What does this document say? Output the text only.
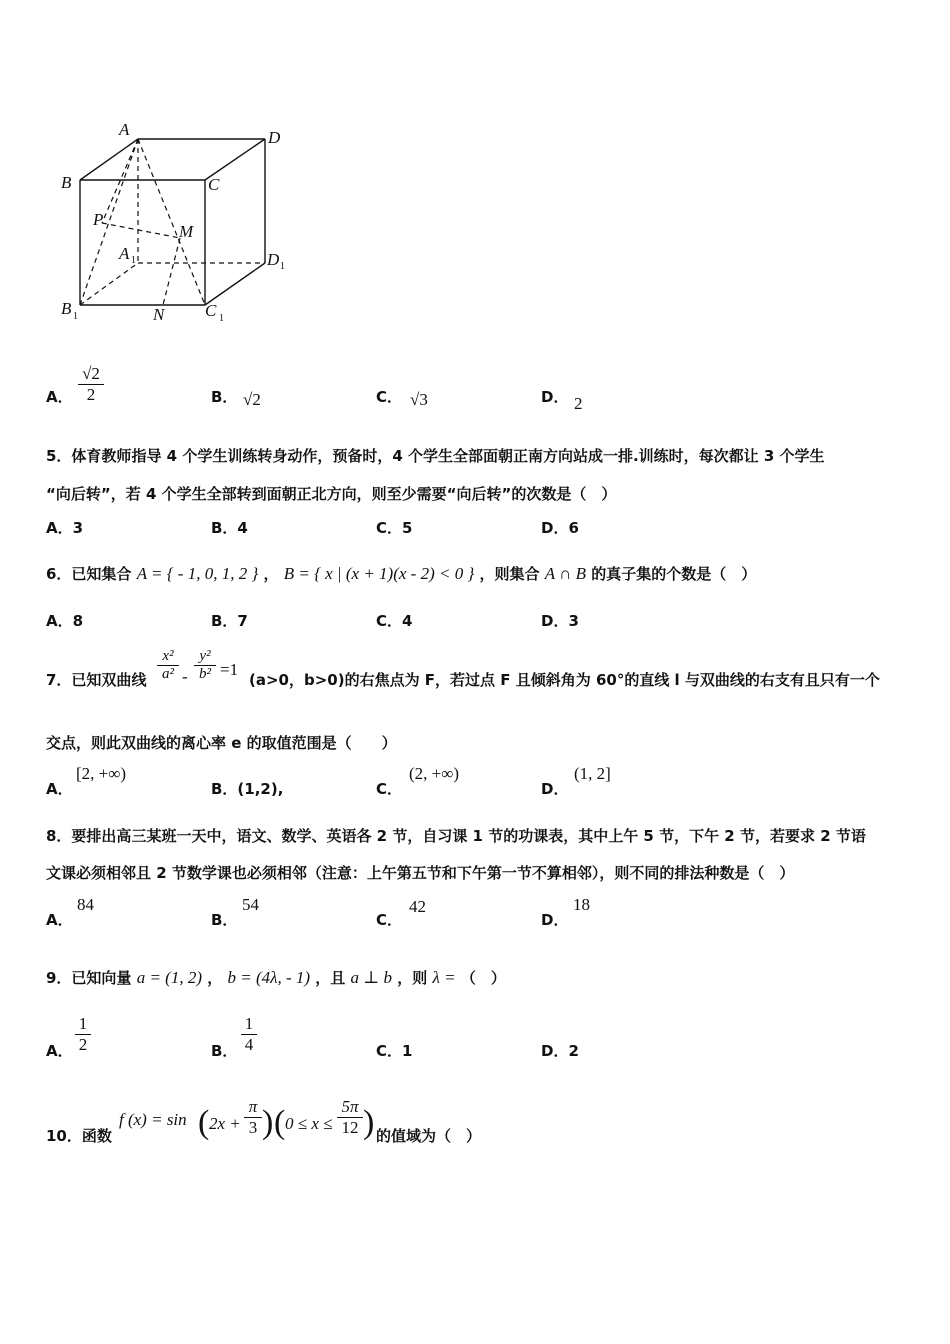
A	D
B	C
P
M
A	D
B	N C
1
1
1	1
A． $\frac{√2}{2}$	B． √2	C． √3	D． 2
5．体育教师指导 4 个学生训练转身动作，预备时，4 个学生全部面朝正南方向站成一排.训练时，每次都让 3 个学生
“向后转”，若 4 个学生全部转到面朝正北方向，则至少需要“向后转”的次数是（　）
A．3	B．4	C．5	D．6
6．已知集合 A = { - 1, 0, 1, 2 } ， B = { x | (x + 1)(x - 2) < 0 } ，则集合 A ∩ B 的真子集的个数是（　）
A．8	B．7	C．4	D．3
7．已知双曲线 $\frac{\text{x²}}{\text{a²}} - \frac{\text{y²}}{\text{b²}} =1$
(a>0，b>0)的右焦点为 F，若过点 F 且倾斜角为 60°的直线 l 与双曲线的右支有且只有一个
交点，则此双曲线的离心率 e 的取值范围是（　　）
A．
[2, +∞)
B．(1,2),	C．
(2, +∞)
D．
(1, 2]
8．要排出高三某班一天中，语文、数学、英语各 2 节，自习课 1 节的功课表，其中上午 5 节，下午 2 节，若要求 2 节语
文课必须相邻且 2 节数学课也必须相邻（注意：上午第五节和下午第一节不算相邻），则不同的排法种数是（　）
A．
84
B．
54
C．
42
D．
18
9．已知向量 a = (1, 2) ， b = (4λ, - 1) ，且 a ⊥ b ，则 λ = （　）
A． $\frac{1}{2}$	B． $\frac{1}{4}$	C．1	D．2
10．函数
f (x) = sin ( $2x + \frac{\pi}{3}$ ) ( $0 \le x \le \frac{5\pi}{12}$ ) 的值域为（　）
